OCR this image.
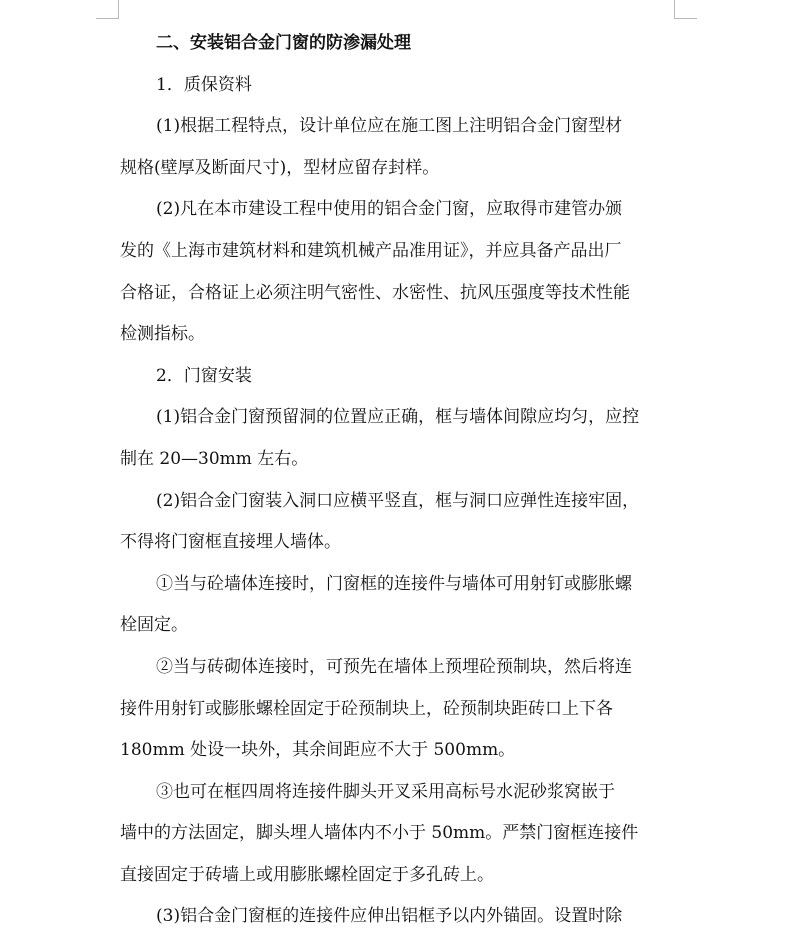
二、安装铝合金门窗的防渗漏处理
1．质保资料
(1)根据工程特点，设计单位应在施工图上注明铝合金门窗型材
规格(壁厚及断面尺寸)，型材应留存封样。
(2)凡在本市建设工程中使用的铝合金门窗，应取得市建管办颁
发的《上海市建筑材料和建筑机械产品准用证》，并应具备产品出厂
合格证，合格证上必须注明气密性、水密性、抗风压强度等技术性能
检测指标。
2．门窗安装
(1)铝合金门窗预留洞的位置应正确，框与墙体间隙应均匀，应控
制在 20—30mm 左右。
(2)铝合金门窗装入洞口应横平竖直，框与洞口应弹性连接牢固，
不得将门窗框直接埋人墙体。
①当与砼墙体连接时，门窗框的连接件与墙体可用射钉或膨胀螺
栓固定。
②当与砖砌体连接时，可预先在墙体上预埋砼预制块，然后将连
接件用射钉或膨胀螺栓固定于砼预制块上，砼预制块距砖口上下各
180mm 处设一块外，其余间距应不大于 500mm。
③也可在框四周将连接件脚头开叉采用高标号水泥砂浆窝嵌于
墙中的方法固定，脚头埋人墙体内不小于 50mm。严禁门窗框连接件
直接固定于砖墙上或用膨胀螺栓固定于多孔砖上。
(3)铝合金门窗框的连接件应伸出铝框予以内外锚固。设置时除
